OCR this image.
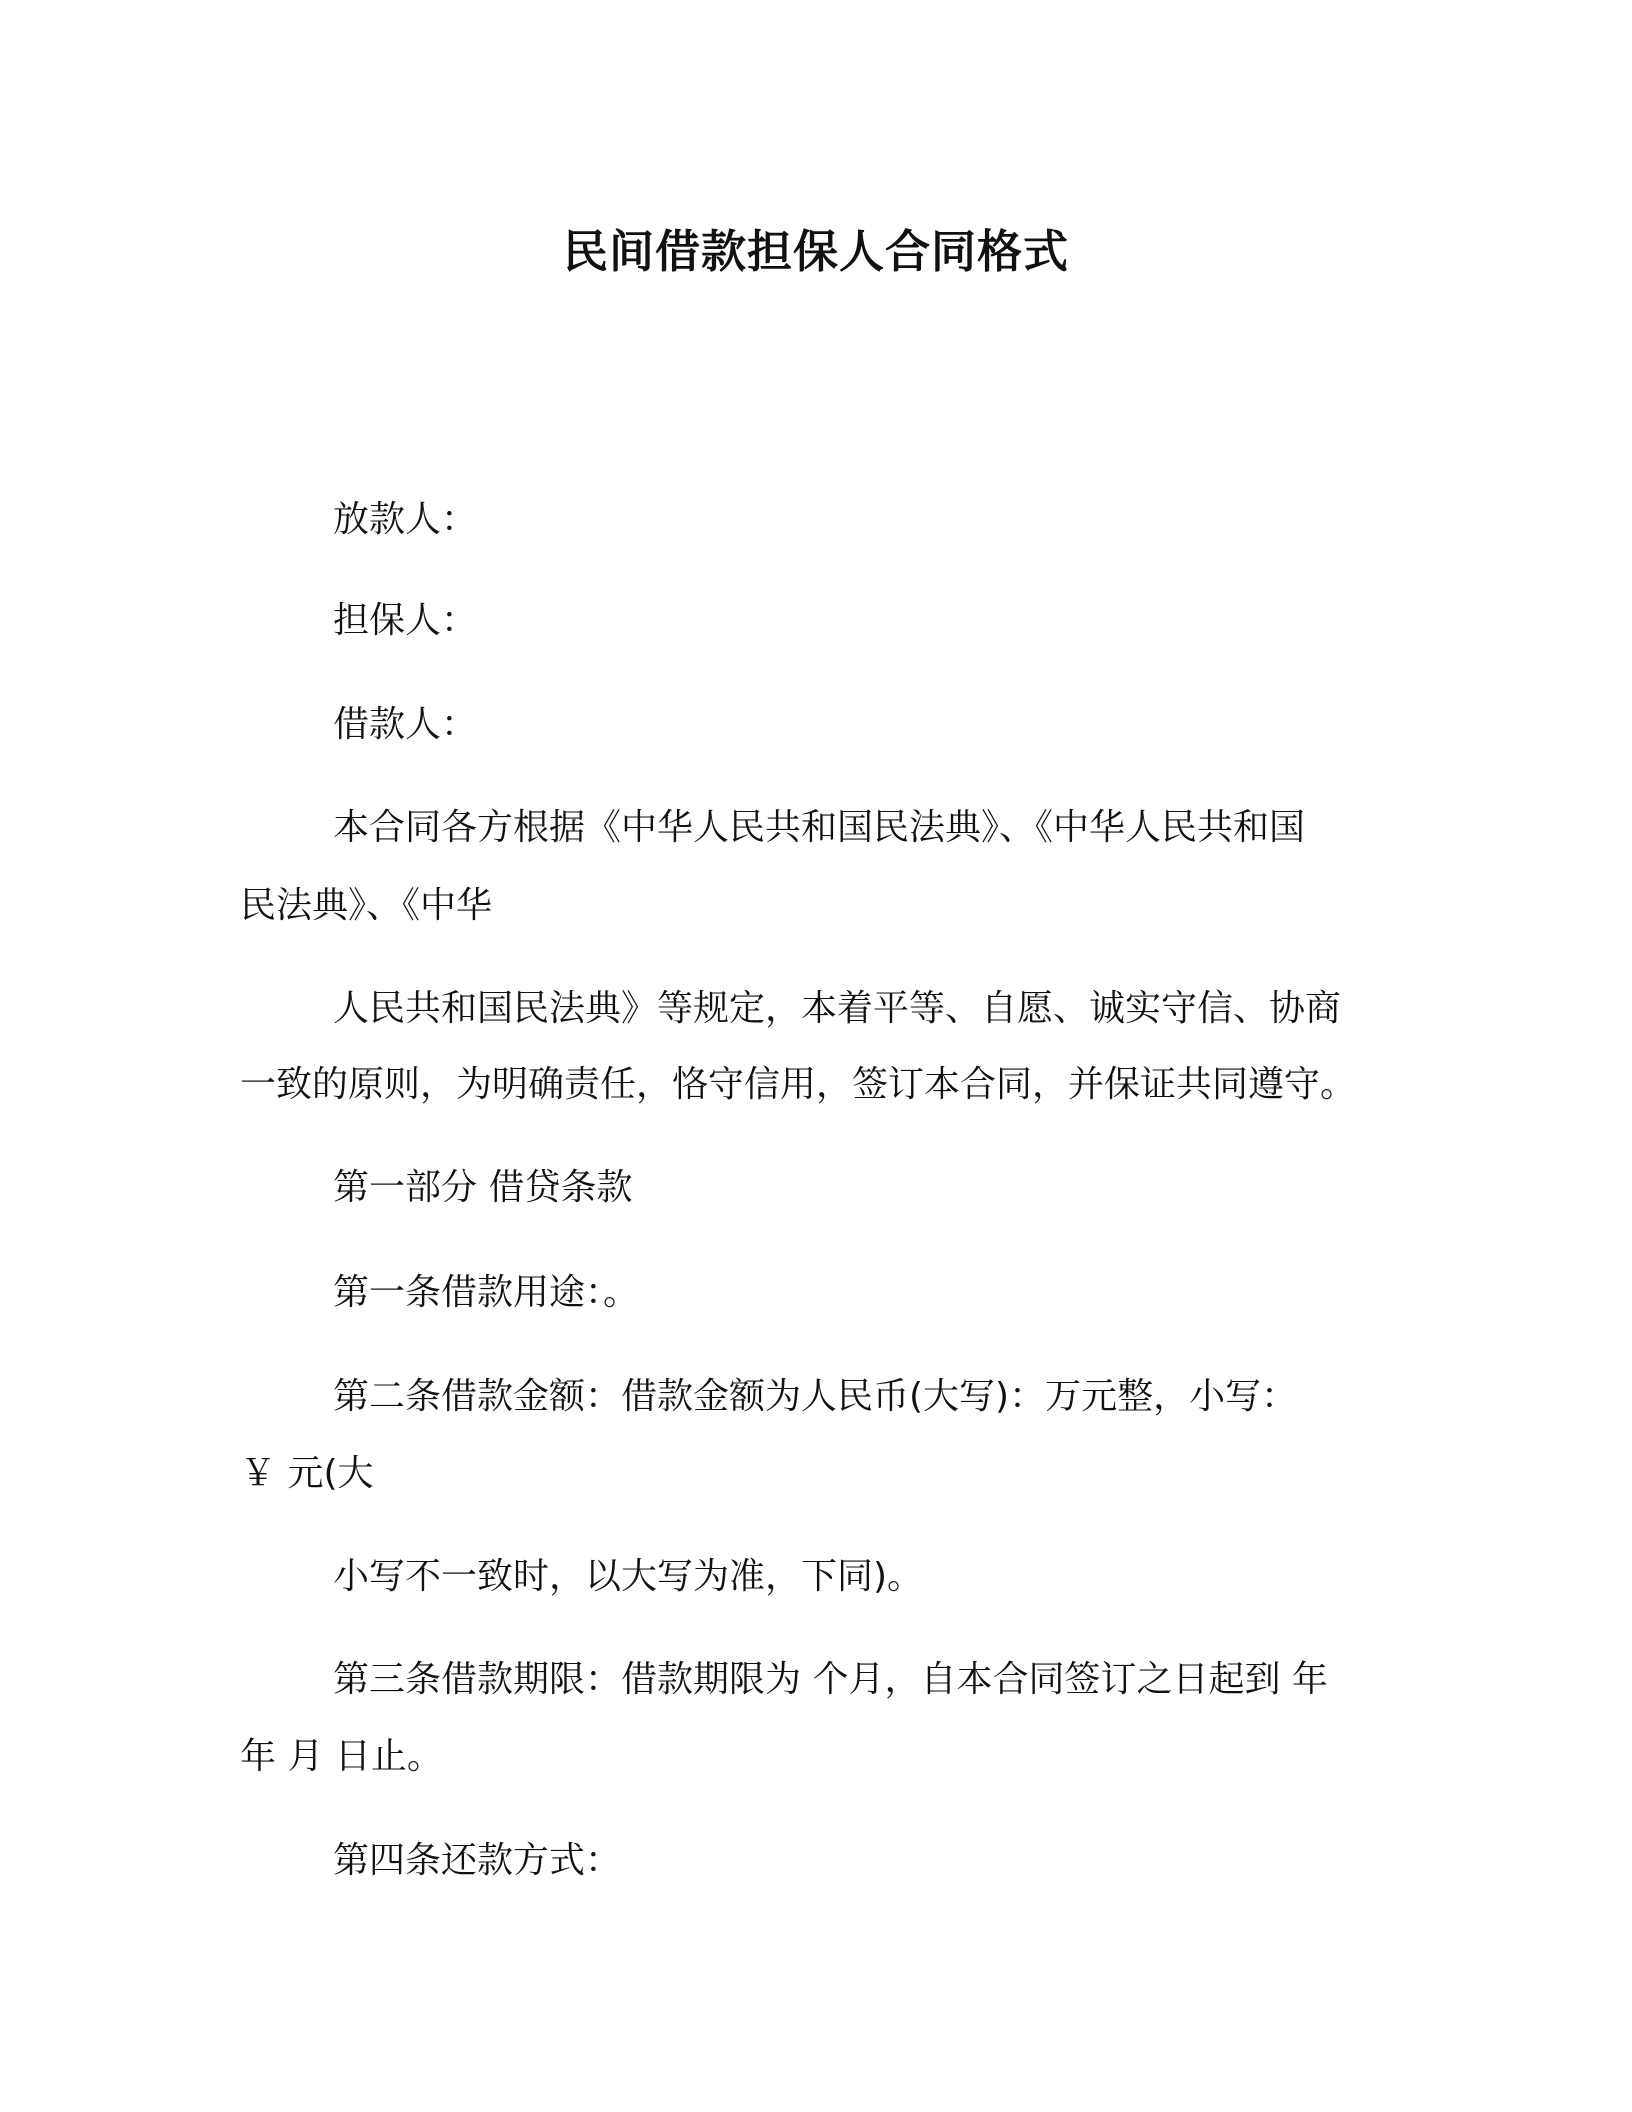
民间借款担保人合同格式
放款人：
担保人：
借款人：
本合同各方根据《中华人民共和国民法典》、《中华人民共和国
民法典》、《中华
人民共和国民法典》等规定，本着平等、自愿、诚实守信、协商
一致的原则，为明确责任，恪守信用，签订本合同，并保证共同遵守。
第一部分 借贷条款
第一条借款用途：。
第二条借款金额：借款金额为人民币(大写)：万元整，小写：
￥ 元(大
小写不一致时，以大写为准，下同)。
第三条借款期限：借款期限为 个月，自本合同签订之日起到 年
年 月 日止。
第四条还款方式：
